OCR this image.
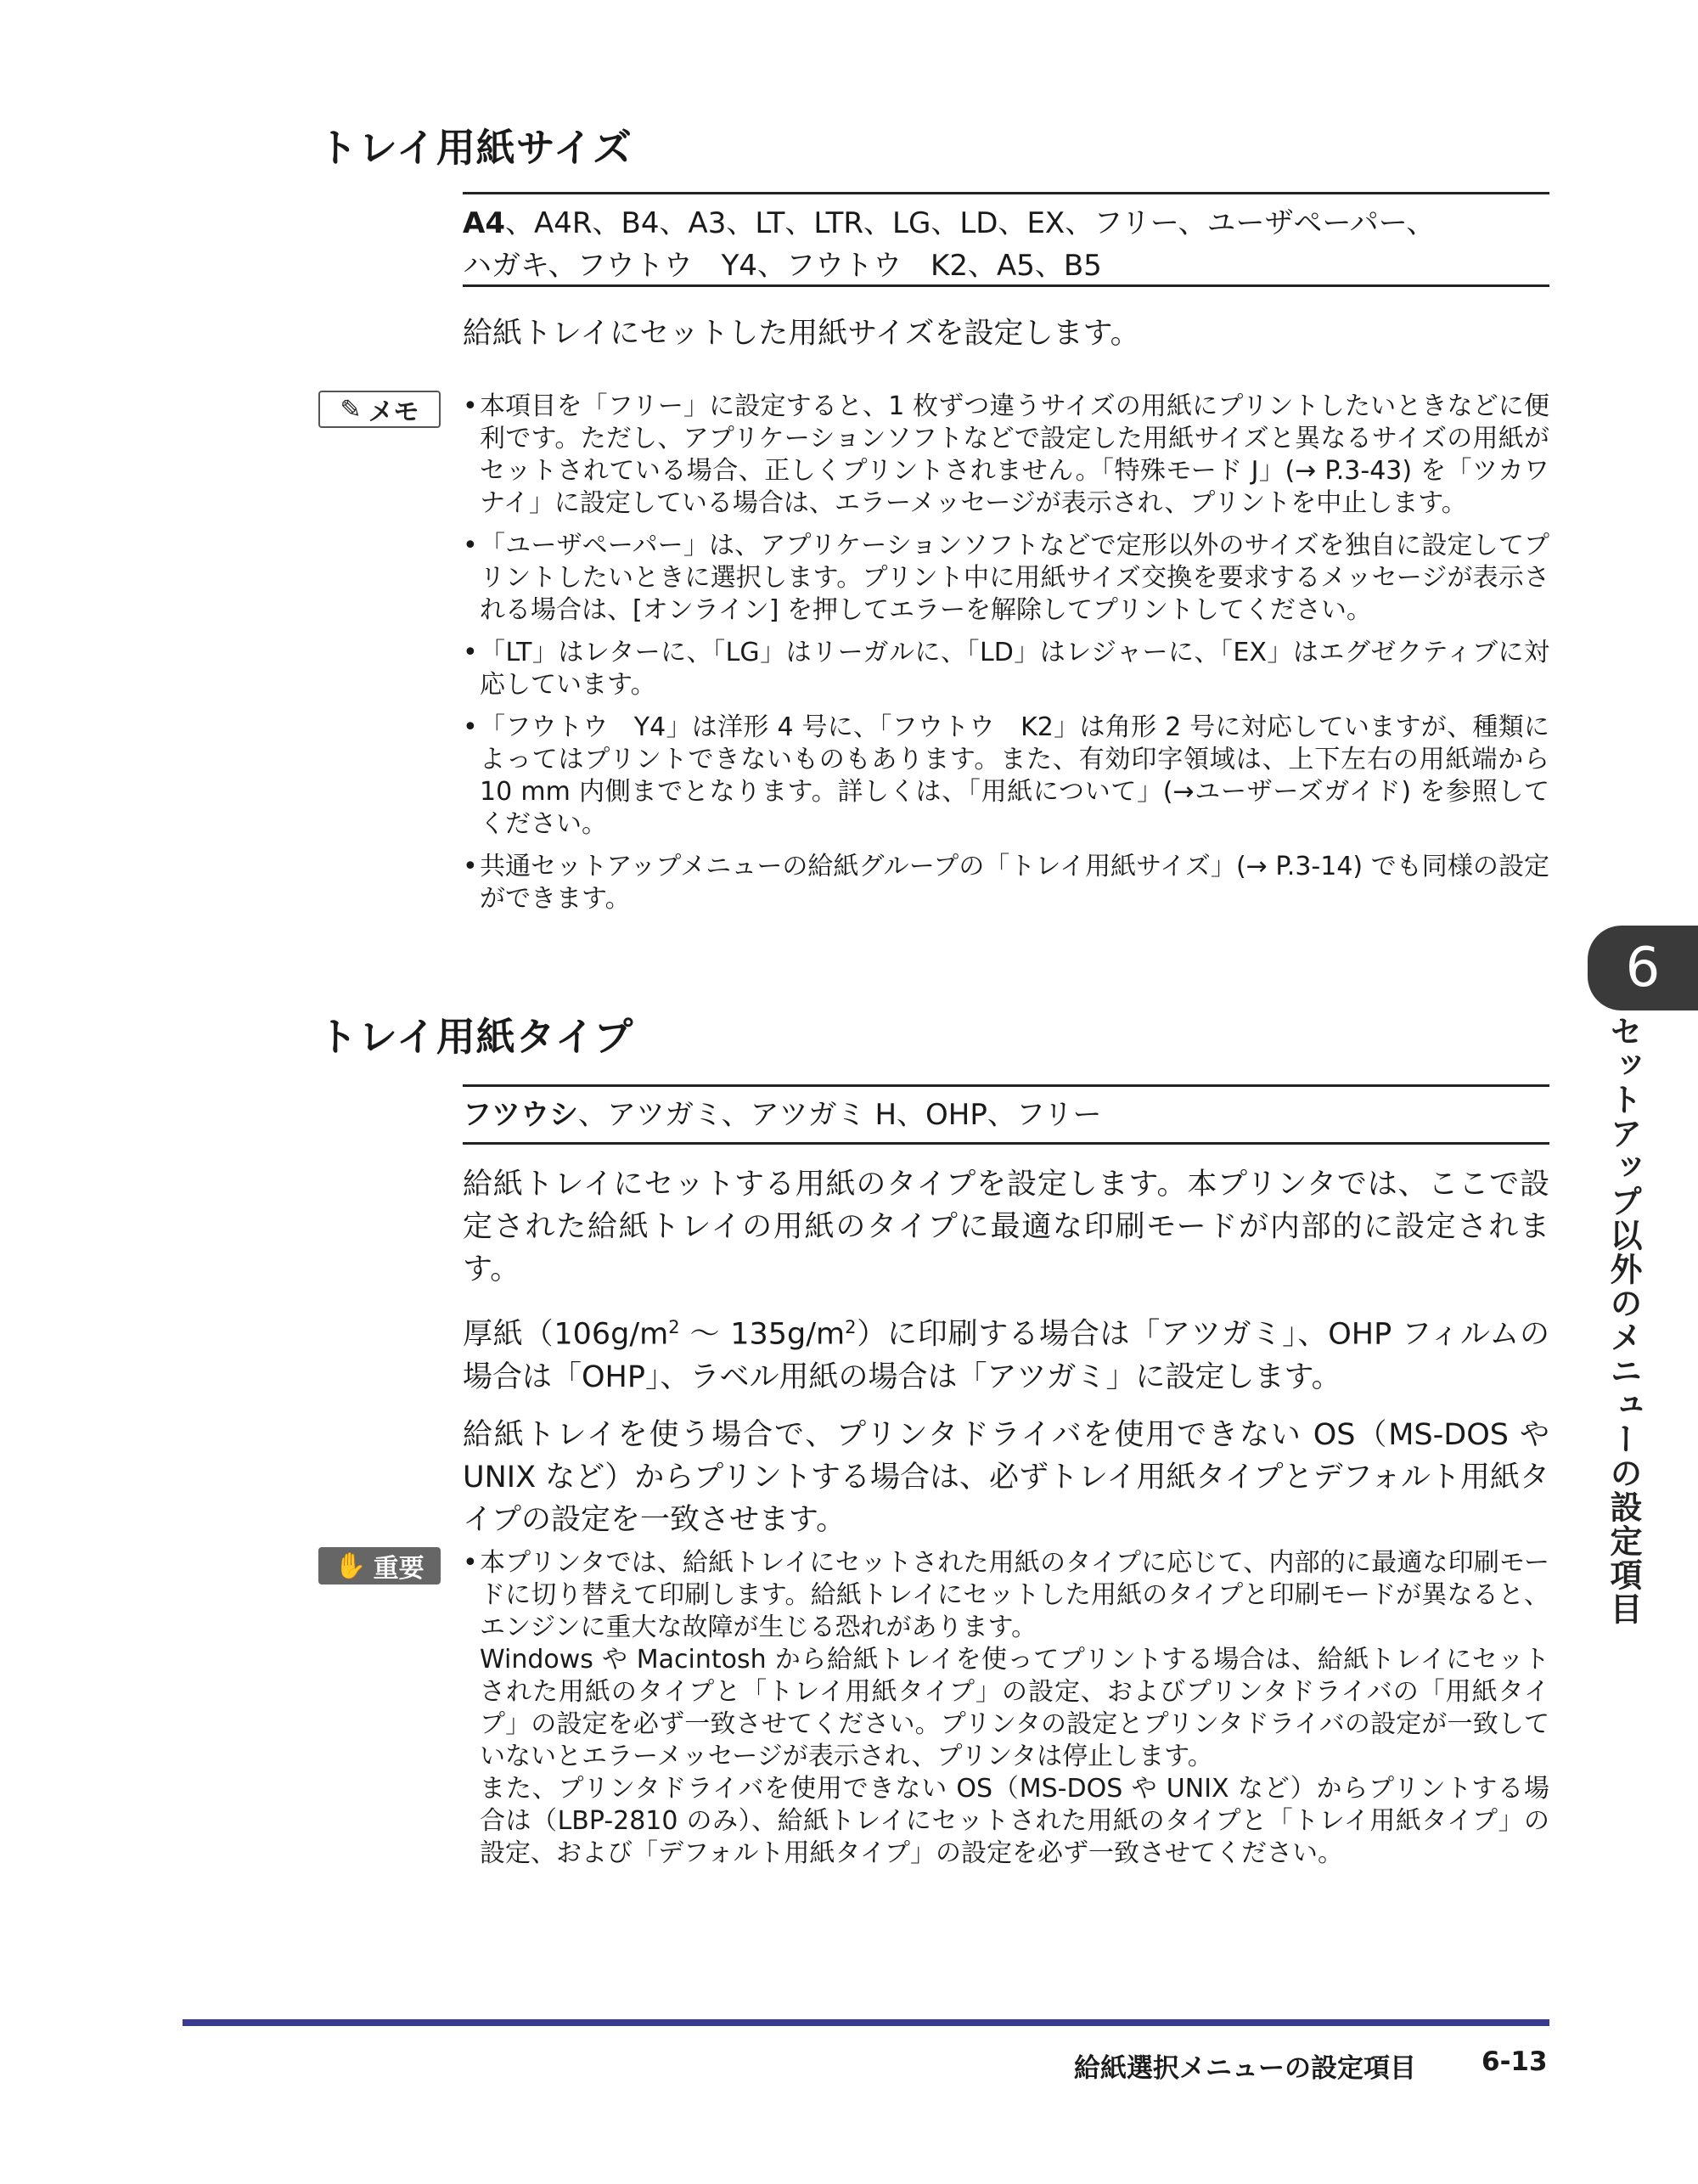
トレイ用紙サイズ
A4、A4R、B4、A3、LT、LTR、LG、LD、EX、フリー、ユーザペーパー、
ハガキ、フウトウ　Y4、フウトウ　K2、A5、B5

給紙トレイにセットした用紙サイズを設定します。

✎ メモ	• 本項目を「フリー」に設定すると、1 枚ずつ違うサイズの用紙にプリントしたいときなどに便利です。ただし、アプリケーションソフトなどで設定した用紙サイズと異なるサイズの用紙がセットされている場合、正しくプリントされません。「特殊モード J」(→ P.3-43) を「ツカワナイ」に設定している場合は、エラーメッセージが表示され、プリントを中止します。
• 「ユーザペーパー」は、アプリケーションソフトなどで定形以外のサイズを独自に設定してプリントしたいときに選択します。プリント中に用紙サイズ交換を要求するメッセージが表示される場合は、[オンライン] を押してエラーを解除してプリントしてください。
• 「LT」はレターに、「LG」はリーガルに、「LD」はレジャーに、「EX」はエグゼクティブに対応しています。
• 「フウトウ　Y4」は洋形 4 号に、「フウトウ　K2」は角形 2 号に対応していますが、種類によってはプリントできないものもあります。また、有効印字領域は、上下左右の用紙端から 10 mm 内側までとなります。詳しくは、「用紙について」(→ユーザーズガイド) を参照してください。
• 共通セットアップメニューの給紙グループの「トレイ用紙サイズ」(→ P.3-14) でも同様の設定ができます。
トレイ用紙タイプ
フツウシ、アツガミ、アツガミ H、OHP、フリー

給紙トレイにセットする用紙のタイプを設定します。本プリンタでは、ここで設定された給紙トレイの用紙のタイプに最適な印刷モードが内部的に設定されます。

厚紙（$106g/m^2$ ～ $135g/m^2$）に印刷する場合は「アツガミ」、OHP フィルムの場合は「OHP」、ラベル用紙の場合は「アツガミ」に設定します。

給紙トレイを使う場合で、プリンタドライバを使用できない OS（MS-DOS や UNIX など）からプリントする場合は、必ずトレイ用紙タイプとデフォルト用紙タイプの設定を一致させます。

✋ 重要	• 本プリンタでは、給紙トレイにセットされた用紙のタイプに応じて、内部的に最適な印刷モードに切り替えて印刷します。給紙トレイにセットした用紙のタイプと印刷モードが異なると、エンジンに重大な故障が生じる恐れがあります。
Windows や Macintosh から給紙トレイを使ってプリントする場合は、給紙トレイにセットされた用紙のタイプと「トレイ用紙タイプ」の設定、およびプリンタドライバの「用紙タイプ」の設定を必ず一致させてください。プリンタの設定とプリンタドライバの設定が一致していないとエラーメッセージが表示され、プリンタは停止します。
また、プリンタドライバを使用できない OS（MS-DOS や UNIX など）からプリントする場合は（LBP-2810 のみ）、給紙トレイにセットされた用紙のタイプと「トレイ用紙タイプ」の設定、および「デフォルト用紙タイプ」の設定を必ず一致させてください。
6
セットアップ以外のメニューの設定項目
給紙選択メニューの設定項目 6-13
